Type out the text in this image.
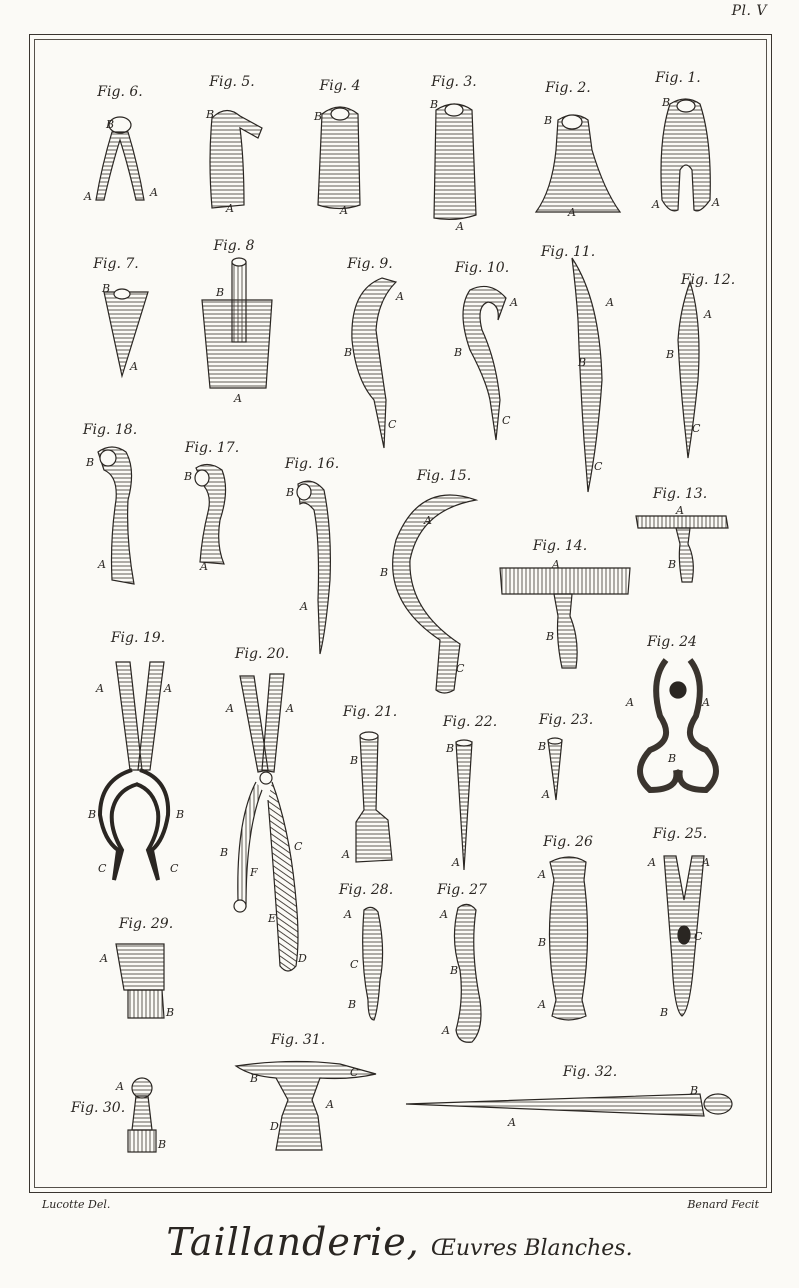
Pl. V
B
A	A
B
A
B
A
B
A
B
A
B
A	A
B
A
B
A
A
B
C
A
B
C
A
B
C
A
B
C
B
A
B
A
B
A
A
B
C
A
B
A
B
A	A
B	B
C	C
A	A
B	C
F
E
D
A	A
B
B
A
B
A
B
A
A
B
A
A	A
C
B
A
C
B
A
B
A
A
B
B	C
A
D	A
B
A
B
Fig. 6.
Fig. 5.	Fig. 4	Fig. 3.	Fig. 2.
Fig. 1.
Fig. 7.
Fig. 8
Fig. 9.	Fig. 10.
Fig. 11.
Fig. 12.
Fig. 18.
Fig. 17.
Fig. 16.
Fig. 15.
Fig. 13.
Fig. 14.
Fig. 19.
Fig. 20.
Fig. 24
Fig. 21.
Fig. 22.	Fig. 23.
Fig. 26	Fig. 25.
Fig. 28.	Fig. 27
Fig. 29.
Fig. 31.
Fig. 32.
Fig. 30.
Lucotte Del.	Benard Fecit
Taillanderie, Œuvres Blanches.
